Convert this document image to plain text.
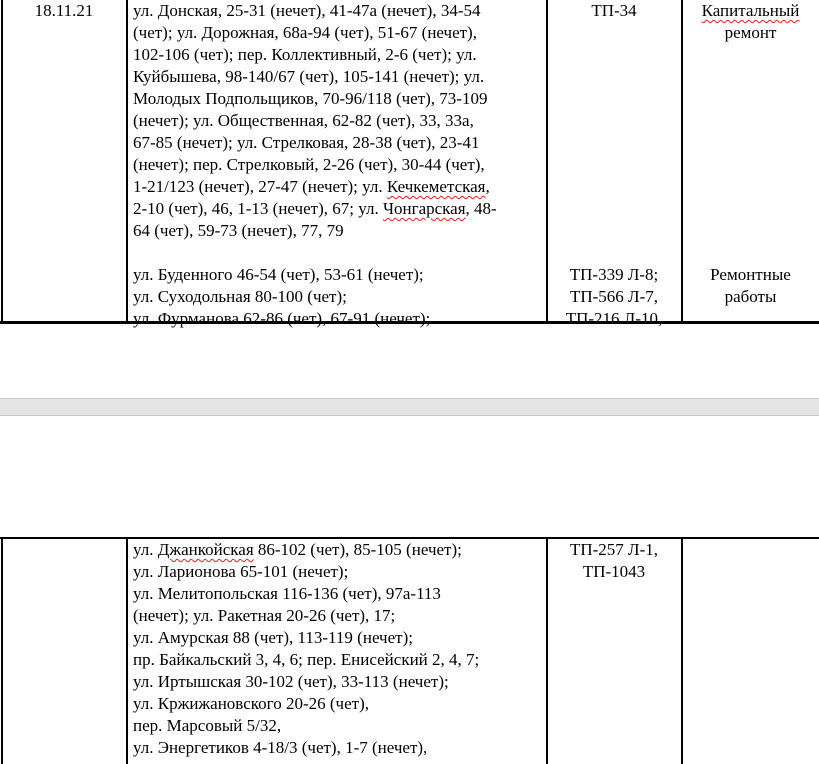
18.11.21	ул. Донская, 25-31 (нечет), 41-47а (нечет), 34-54
(чет); ул. Дорожная, 68а-94 (чет), 51-67 (нечет),
102-106 (чет); пер. Коллективный, 2-6 (чет); ул.
Куйбышева, 98-140/67 (чет), 105-141 (нечет); ул.
Молодых Подпольщиков, 70-96/118 (чет), 73-109
(нечет); ул. Общественная, 62-82 (чет), 33, 33а,
67-85 (нечет); ул. Стрелковая, 28-38 (чет), 23-41
(нечет); пер. Стрелковый, 2-26 (чет), 30-44 (чет),
1-21/123 (нечет), 27-47 (нечет); ул. Кечкеметская,
2-10 (чет), 46, 1-13 (нечет), 67; ул. Чонгарская, 48-
64 (чет), 59-73 (нечет), 77, 79
ул. Буденного 46-54 (чет), 53-61 (нечет);
ул. Суходольная 80-100 (чет);
ул. Фурманова 62-86 (чет), 67-91 (нечет);
ТП-34
ТП-339 Л-8;
ТП-566 Л-7,
ТП-216 Л-10,
Капитальный
ремонт
Ремонтные
работы
ул. Джанкойская 86-102 (чет), 85-105 (нечет);
ул. Ларионова 65-101 (нечет);
ул. Мелитопольская 116-136 (чет), 97а-113
(нечет); ул. Ракетная 20-26 (чет), 17;
ул. Амурская 88 (чет), 113-119 (нечет);
пр. Байкальский 3, 4, 6; пер. Енисейский 2, 4, 7;
ул. Иртышская 30-102 (чет), 33-113 (нечет);
ул. Кржижановского 20-26 (чет),
пер. Марсовый 5/32,
ул. Энергетиков 4-18/3 (чет), 1-7 (нечет),
ТП-257 Л-1,
ТП-1043
